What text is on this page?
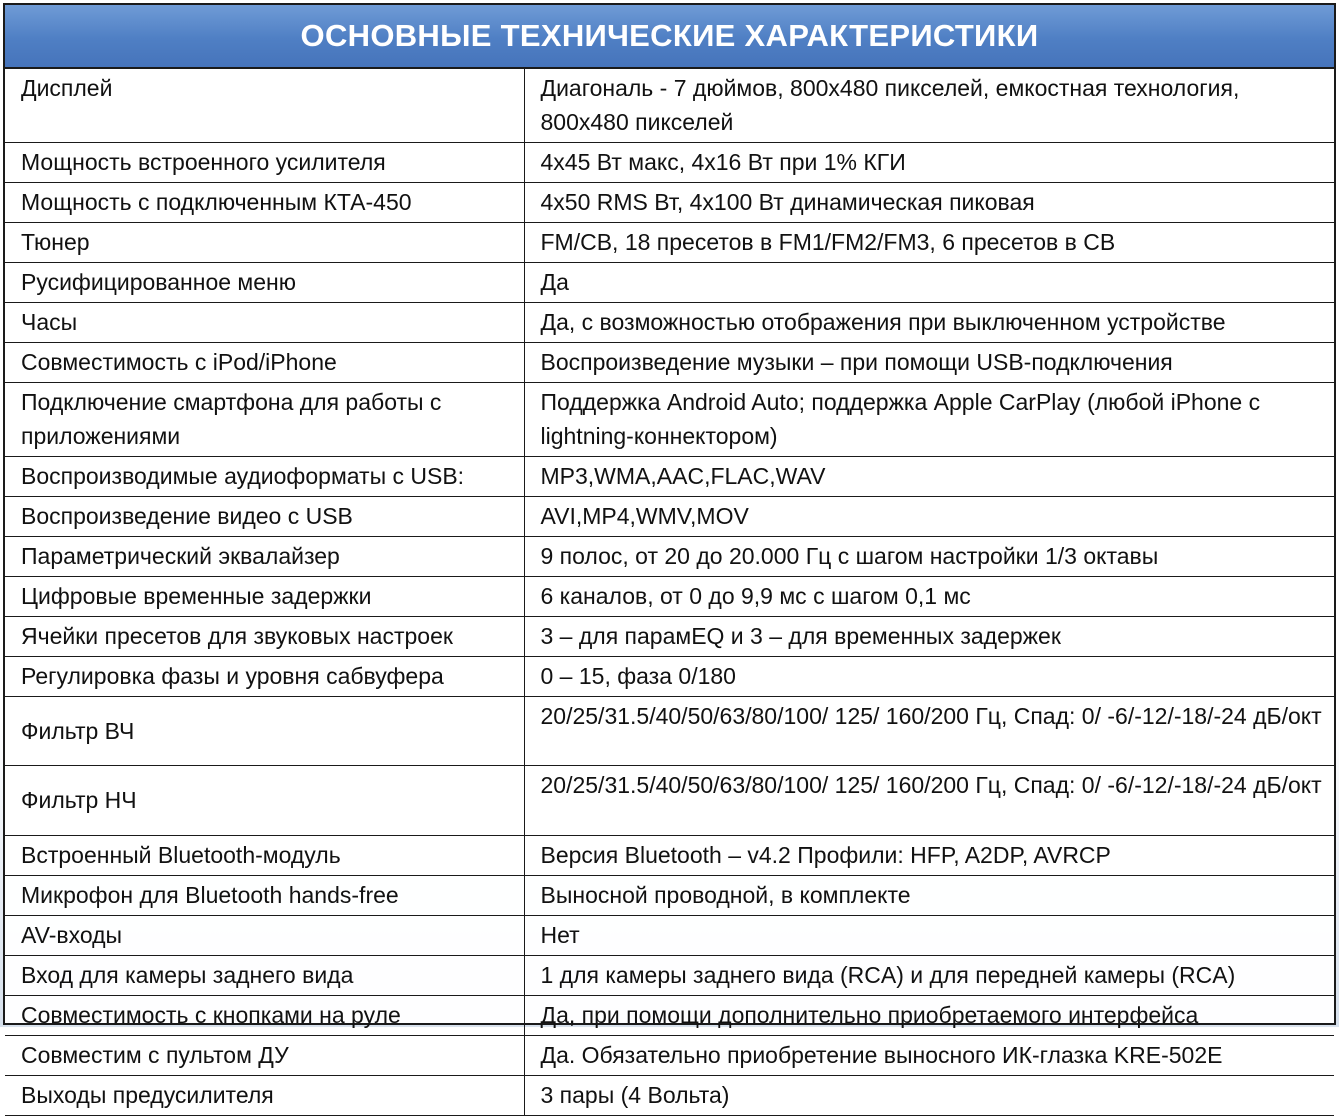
ОСНОВНЫЕ ТЕХНИЧЕСКИЕ ХАРАКТЕРИСТИКИ
Дисплей	Диагональ - 7 дюймов, 800x480 пикселей, емкостная технология, 800x480 пикселей
Мощность встроенного усилителя	4x45 Вт макс, 4x16 Вт при 1% КГИ
Мощность с подключенным КТА-450	4x50 RMS Вт, 4x100 Вт динамическая пиковая
Тюнер	FM/CB, 18 пресетов в FM1/FM2/FM3, 6 пресетов в CB
Русифицированное меню	Да
Часы	Да, с возможностью отображения при выключенном устройстве
Совместимость с iPod/iPhone	Воспроизведение музыки – при помощи USB-подключения
Подключение смартфона для работы с приложениями	Поддержка Android Auto; поддержка Apple CarPlay (любой iPhone с lightning-коннектором)
Воспроизводимые аудиоформаты с USB:	MP3,WMA,AAC,FLAC,WAV
Воспроизведение видео с USB	AVI,MP4,WMV,MOV
Параметрический эквалайзер	9 полос, от 20 до 20.000 Гц с шагом настройки 1/3 октавы
Цифровые временные задержки	6 каналов, от 0 до 9,9 мс с шагом 0,1 мс
Ячейки пресетов для звуковых настроек	3 – для парамEQ и 3 – для временных задержек
Регулировка фазы и уровня сабвуфера	0 – 15, фаза 0/180
Фильтр ВЧ	20/25/31.5/40/50/63/80/100/ 125/ 160/200 Гц, Спад: 0/ -6/-12/-18/-24 дБ/окт
Фильтр НЧ	20/25/31.5/40/50/63/80/100/ 125/ 160/200 Гц, Спад: 0/ -6/-12/-18/-24 дБ/окт
Встроенный Bluetooth-модуль	Версия Bluetooth – v4.2 Профили: HFP, A2DP, AVRCP
Микрофон для Bluetooth hands-free	Выносной проводной, в комплекте
AV-входы	Нет
Вход для камеры заднего вида	1 для камеры заднего вида (RCA) и для передней камеры (RCA)
Совместимость с кнопками на руле	Да, при помощи дополнительно приобретаемого интерфейса
Совместим с пультом ДУ	Да. Обязательно приобретение выносного ИК-глазка KRE-502E
Выходы предусилителя	3 пары (4 Вольта)
